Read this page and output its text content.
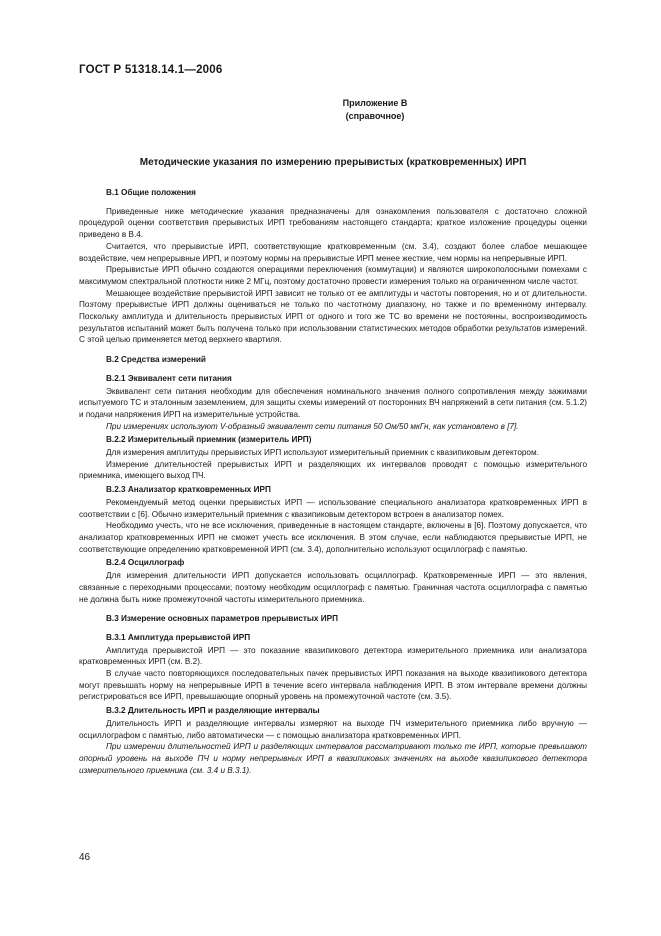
ГОСТ Р 51318.14.1—2006
Приложение В
(справочное)
Методические указания по измерению прерывистых (кратковременных) ИРП
В.1 Общие положения

Приведенные ниже методические указания предназначены для ознакомления пользователя с достаточно сложной процедурой оценки соответствия прерывистых ИРП требованиям настоящего стандарта; краткое изложение процедуры оценки приведено в В.4.

Считается, что прерывистые ИРП, соответствующие кратковременным (см. 3.4), создают более слабое мешающее воздействие, чем непрерывные ИРП, и поэтому нормы на прерывистые ИРП менее жесткие, чем нормы на непрерывные ИРП.

Прерывистые ИРП обычно создаются операциями переключения (коммутации) и являются широкополосными помехами с максимумом спектральной плотности ниже 2 МГц, поэтому достаточно провести измерения только на ограниченном числе частот.

Мешающее воздействие прерывистой ИРП зависит не только от ее амплитуды и частоты повторения, но и от длительности. Поэтому прерывистые ИРП должны оцениваться не только по частотному диапазону, но также и по временному интервалу. Поскольку амплитуда и длительность прерывистых ИРП от одного и того же ТС во времени не постоянны, воспроизводимость результатов испытаний может быть получена только при использовании статистических методов обработки результатов измерений. С этой целью применяется метод верхнего квартиля.

В.2 Средства измерений
В.2.1 Эквивалент сети питания

Эквивалент сети питания необходим для обеспечения номинального значения полного сопротивления между зажимами испытуемого ТС и эталонным заземлением, для защиты схемы измерений от посторонних ВЧ напряжений в сети питания (см. 5.1.2) и подачи напряжения ИРП на измерительные устройства.

При измерениях используют V-образный эквивалент сети питания 50 Ом/50 мкГн, как установлено в [7].

В.2.2 Измерительный приемник (измеритель ИРП)

Для измерения амплитуды прерывистых ИРП используют измерительный приемник с квазипиковым детектором.

Измерение длительностей прерывистых ИРП и разделяющих их интервалов проводят с помощью измерительного приемника, имеющего выход ПЧ.

В.2.3 Анализатор кратковременных ИРП

Рекомендуемый метод оценки прерывистых ИРП — использование специального анализатора кратковременных ИРП в соответствии с [6]. Обычно измерительный приемник с квазипиковым детектором встроен в анализатор помех.

Необходимо учесть, что не все исключения, приведенные в настоящем стандарте, включены в [6]. Поэтому допускается, что анализатор кратковременных ИРП не сможет учесть все исключения. В этом случае, если наблюдаются прерывистые ИРП, не соответствующие определению кратковременной ИРП (см. 3.4), дополнительно используют осциллограф с памятью.

В.2.4 Осциллограф

Для измерения длительности ИРП допускается использовать осциллограф. Кратковременные ИРП — это явления, связанные с переходными процессами; поэтому необходим осциллограф с памятью. Граничная частота осциллографа с памятью не должна быть ниже промежуточной частоты измерительного приемника.

В.3 Измерение основных параметров прерывистых ИРП
В.3.1 Амплитуда прерывистой ИРП

Амплитуда прерывистой ИРП — это показание квазипикового детектора измерительного приемника или анализатора кратковременных ИРП (см. В.2).

В случае часто повторяющихся последовательных пачек прерывистых ИРП показания на выходе квазипикового детектора могут превышать норму на непрерывные ИРП в течение всего интервала наблюдения ИРП. В этом интервале времени должны регистрироваться все ИРП, превышающие опорный уровень на промежуточной частоте (см. 3.5).

В.3.2 Длительность ИРП и разделяющие интервалы

Длительность ИРП и разделяющие интервалы измеряют на выходе ПЧ измерительного приемника либо вручную — осциллографом с памятью, либо автоматически — с помощью анализатора кратковременных ИРП.

При измерении длительностей ИРП и разделяющих интервалов рассматривают только те ИРП, которые превышают опорный уровень на выходе ПЧ и норму непрерывных ИРП в квазипиковых значениях на выходе квазипикового детектора измерительного приемника (см. 3.4 и В.3.1).

46
